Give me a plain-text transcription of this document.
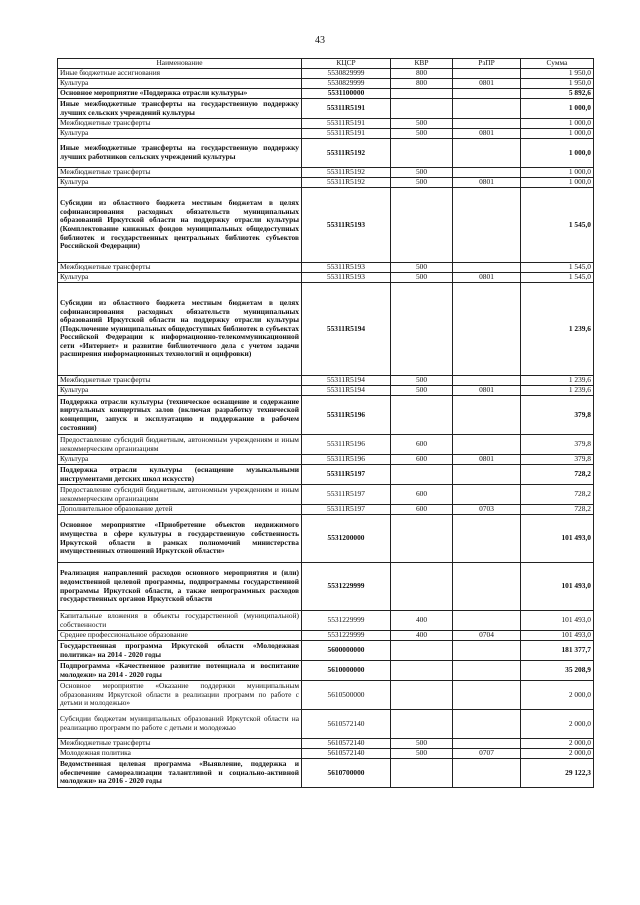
43
Наименование	КЦСР	КВР	РзПР	Сумма
Иные бюджетные ассигнования	5530829999	800		1 950,0
Культура	5530829999	800	0801	1 950,0
Основное мероприятие «Поддержка отрасли культуры»	5531100000			5 892,6
Иные межбюджетные трансферты на государственную поддержку лучших сельских учреждений культуры	55311R5191			1 000,0
Межбюджетные трансферты	55311R5191	500		1 000,0
Культура	55311R5191	500	0801	1 000,0
Иные межбюджетные трансферты на государственную поддержку лучших работников сельских учреждений культуры	55311R5192			1 000,0
Межбюджетные трансферты	55311R5192	500		1 000,0
Культура	55311R5192	500	0801	1 000,0
Субсидии из областного бюджета местным бюджетам в целях софинансирования расходных обязательств муниципальных образований Иркутской области на поддержку отрасли культуры (Комплектование книжных фондов муниципальных общедоступных библиотек и государственных центральных библиотек субъектов Российской Федерации)	55311R5193			1 545,0
Межбюджетные трансферты	55311R5193	500		1 545,0
Культура	55311R5193	500	0801	1 545,0
Субсидии из областного бюджета местным бюджетам в целях софинансирования расходных обязательств муниципальных образований Иркутской области на поддержку отрасли культуры (Подключение муниципальных общедоступных библиотек в субъектах Российской Федерации к информационно-телекоммуникационной сети «Интернет» и развитие библиотечного дела с учетом задачи расширения информационных технологий и оцифровки)	55311R5194			1 239,6
Межбюджетные трансферты	55311R5194	500		1 239,6
Культура	55311R5194	500	0801	1 239,6
Поддержка отрасли культуры (техническое оснащение и содержание виртуальных концертных залов (включая разработку технической концепции, запуск и эксплуатацию и поддержание в рабочем состоянии)	55311R5196			379,8
Предоставление субсидий бюджетным, автономным учреждениям и иным некоммерческим организациям	55311R5196	600		379,8
Культура	55311R5196	600	0801	379,8
Поддержка отрасли культуры (оснащение музыкальными инструментами детских школ искусств)	55311R5197			728,2
Предоставление субсидий бюджетным, автономным учреждениям и иным некоммерческим организациям	55311R5197	600		728,2
Дополнительное образование детей	55311R5197	600	0703	728,2
Основное мероприятие «Приобретение объектов недвижимого имущества в сфере культуры в государственную собственность Иркутской области в рамках полномочий министерства имущественных отношений Иркутской области»	5531200000			101 493,0
Реализация направлений расходов основного мероприятия и (или) ведомственной целевой программы, подпрограммы государственной программы Иркутской области, а также непрограммных расходов государственных органов Иркутской области	5531229999			101 493,0
Капитальные вложения в объекты государственной (муниципальной) собственности	5531229999	400		101 493,0
Среднее профессиональное образование	5531229999	400	0704	101 493,0
Государственная программа Иркутской области «Молодежная политика» на 2014 - 2020 годы	5600000000			181 377,7
Подпрограмма «Качественное развитие потенциала и воспитание молодежи» на 2014 - 2020 годы	5610000000			35 208,9
Основное мероприятие «Оказание поддержки муниципальным образованиям Иркутской области в реализации программ по работе с детьми и молодежью»	5610500000			2 000,0
Субсидии бюджетам муниципальных образований Иркутской области на реализацию программ по работе с детьми и молодежью	5610572140			2 000,0
Межбюджетные трансферты	5610572140	500		2 000,0
Молодежная политика	5610572140	500	0707	2 000,0
Ведомственная целевая программа «Выявление, поддержка и обеспечение самореализации талантливой и социально-активной молодежи» на 2016 - 2020 годы	5610700000			29 122,3
